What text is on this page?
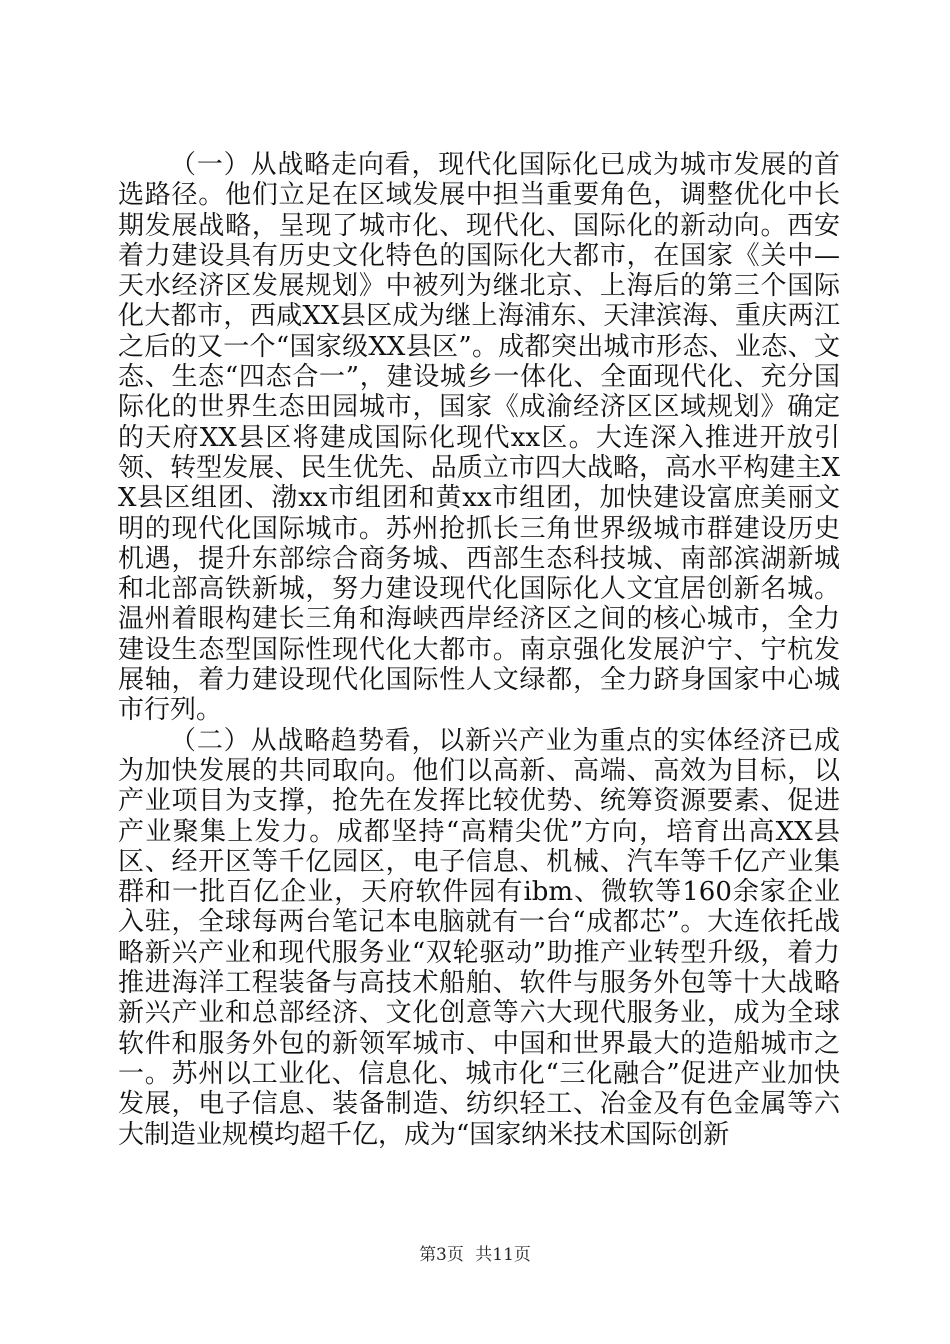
（一）从战略走向看，现代化国际化已成为城市发展的首选路径。他们立足在区域发展中担当重要角色，调整优化中长期发展战略，呈现了城市化、现代化、国际化的新动向。西安着力建设具有历史文化特色的国际化大都市，在国家《关中—天水经济区发展规划》中被列为继北京、上海后的第三个国际化大都市，西咸XX县区成为继上海浦东、天津滨海、重庆两江之后的又一个“国家级XX县区”。成都突出城市形态、业态、文态、生态“四态合一”，建设城乡一体化、全面现代化、充分国际化的世界生态田园城市，国家《成渝经济区区域规划》确定的天府XX县区将建成国际化现代xx区。大连深入推进开放引领、转型发展、民生优先、品质立市四大战略，高水平构建主XX县区组团、渤xx市组团和黄xx市组团，加快建设富庶美丽文明的现代化国际城市。苏州抢抓长三角世界级城市群建设历史机遇，提升东部综合商务城、西部生态科技城、南部滨湖新城和北部高铁新城，努力建设现代化国际化人文宜居创新名城。温州着眼构建长三角和海峡西岸经济区之间的核心城市，全力建设生态型国际性现代化大都市。南京强化发展沪宁、宁杭发展轴，着力建设现代化国际性人文绿都，全力跻身国家中心城市行列。

（二）从战略趋势看，以新兴产业为重点的实体经济已成为加快发展的共同取向。他们以高新、高端、高效为目标，以产业项目为支撑，抢先在发挥比较优势、统筹资源要素、促进产业聚集上发力。成都坚持“高精尖优”方向，培育出高XX县区、经开区等千亿园区，电子信息、机械、汽车等千亿产业集群和一批百亿企业，天府软件园有ibm、微软等160余家企业入驻，全球每两台笔记本电脑就有一台“成都芯”。大连依托战略新兴产业和现代服务业“双轮驱动”助推产业转型升级，着力推进海洋工程装备与高技术船舶、软件与服务外包等十大战略新兴产业和总部经济、文化创意等六大现代服务业，成为全球软件和服务外包的新领军城市、中国和世界最大的造船城市之一。苏州以工业化、信息化、城市化“三化融合”促进产业加快发展，电子信息、装备制造、纺织轻工、冶金及有色金属等六大制造业规模均超千亿，成为“国家纳米技术国际创新

第3页 共11页
